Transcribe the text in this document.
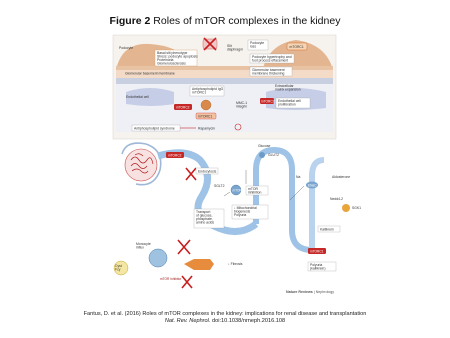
Figure 2 Roles of mTOR complexes in the kidney
Podocyte
Basal slit phenotype
Stress: podocyte apoptosis
Proteinuria
Glomerulosclerosis
Slit
diaphragm
Podocyte
loss	mTORC1
Podocyte hypertrophy and
foot process effacement
Glomerular basement membrane
Glomerular basement
membrane thickening
Endothelial cell
Antiphospholipid IgG
mTORC1
mTORC1
MMC-1
integrin
mTORC2
Extracellular
matrix expansion
Endothelial cell
proliferation
mTORC2
Antiphospholipid syndrome	Rapamycin
mTORC2
Endocytosis
Glucose
GLUT2
mTOR mTOR
inhibition
SGLT2
Na
ENaC
Aldosterone
Nedd4-2
SGK1
Transport
of glucose,
phosphate,
amino acids
↓ Mitochondrial
biogenesis
Polyuria
Kallikrein
Monocyte
influx
Cyst
Fcγ
↓ Fibrosis
mTOR inhibitor
Polyuria
(kallikrein)
mTORC1
Nature Reviews | Nephrology
Fantus, D. et al. (2016) Roles of mTOR complexes in the kidney: implications for renal disease and transplantation
Nat. Rev. Nephrol. doi:10.1038/nrneph.2016.108
